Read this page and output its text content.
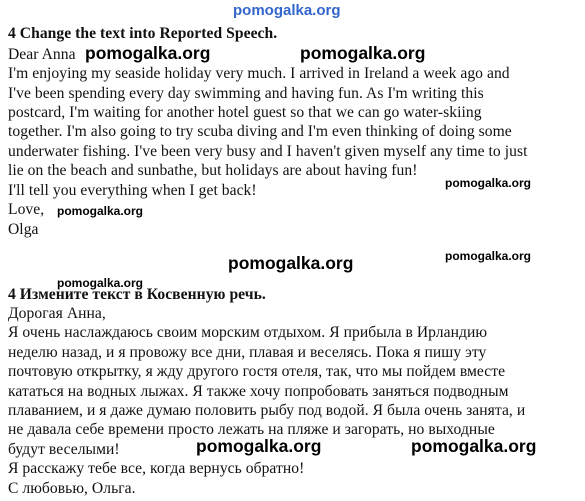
pomogalka.org
4 Change the text into Reported Speech.
Dear Anna
I'm enjoying my seaside holiday very much. I arrived in Ireland a week ago and
I've been spending every day swimming and having fun. As I'm writing this
postcard, I'm waiting for another hotel guest so that we can go water-skiing
together. I'm also going to try scuba diving and I'm even thinking of doing some
underwater fishing. I've been very busy and I haven't given myself any time to just
lie on the beach and sunbathe, but holidays are about having fun!
I'll tell you everything when I get back!
Love,
Olga
4 Измените текст в Косвенную речь.
Дорогая Анна,
Я очень наслаждаюсь своим морским отдыхом. Я прибыла в Ирландию
неделю назад, и я провожу все дни, плавая и веселясь. Пока я пишу эту
почтовую открытку, я жду другого гостя отеля, так, что мы пойдем вместе
кататься на водных лыжах. Я также хочу попробовать заняться подводным
плаванием, и я даже думаю половить рыбу под водой. Я была очень занята, и
не давала себе времени просто лежать на пляже и загорать, но выходные
будут веселыми!
Я расскажу тебе все, когда вернусь обратно!
С любовью, Ольга.
pomogalka.org	pomogalka.org
pomogalka.org
pomogalka.org
pomogalka.org	pomogalka.org
pomogalka.org
pomogalka.org	pomogalka.org
